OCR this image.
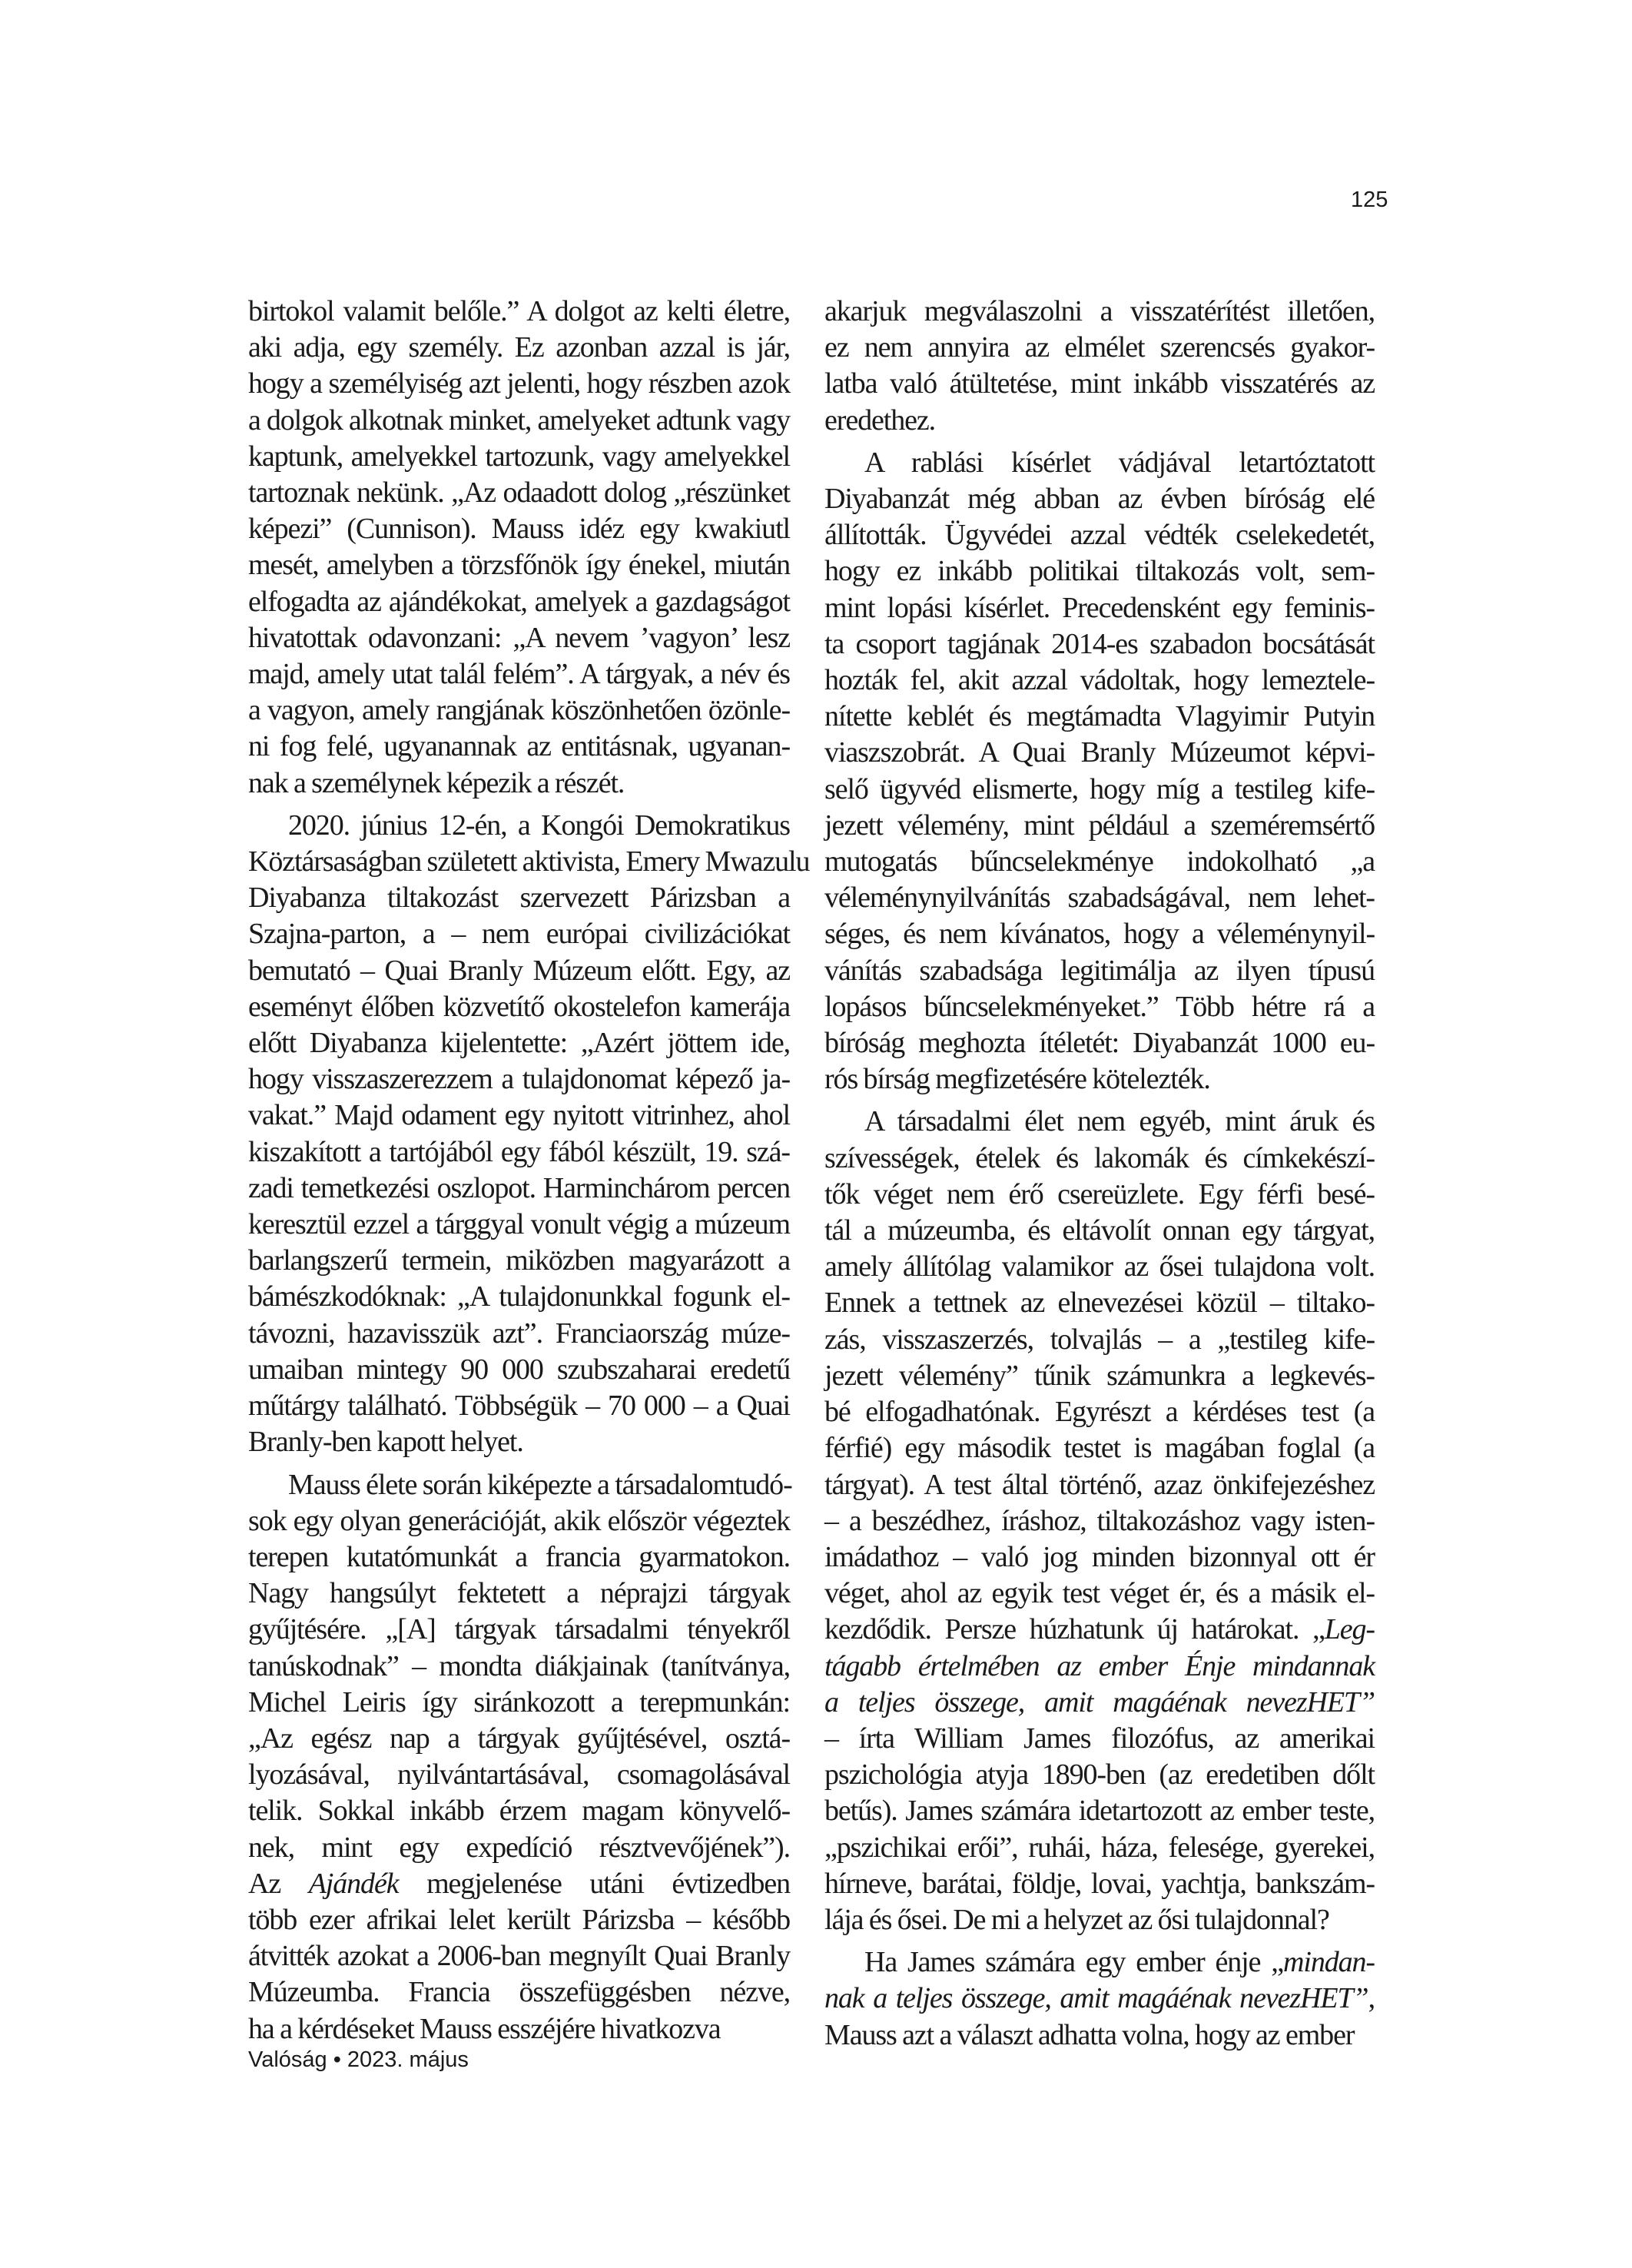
125

birtokol valamit belőle.” A dolgot az kelti életre,
aki adja, egy személy. Ez azonban azzal is jár,
hogy a személyiség azt jelenti, hogy részben azok
a dolgok alkotnak minket, amelyeket adtunk vagy
kaptunk, amelyekkel tartozunk, vagy amelyekkel
tartoznak nekünk. „Az odaadott dolog „részünket
képezi” (Cunnison). Mauss idéz egy kwakiutl
mesét, amelyben a törzsfőnök így énekel, miután
elfogadta az ajándékokat, amelyek a gazdagságot
hivatottak odavonzani: „A nevem ’vagyon’ lesz
majd, amely utat talál felém”. A tárgyak, a név és
a vagyon, amely rangjának köszönhetően özönle-
ni fog felé, ugyanannak az entitásnak, ugyanan-
nak a személynek képezik a részét.

2020. június 12-én, a Kongói Demokratikus
Köztársaságban született aktivista, Emery Mwazulu
Diyabanza tiltakozást szervezett Párizsban a
Szajna-parton, a – nem európai civilizációkat
bemutató – Quai Branly Múzeum előtt. Egy, az
eseményt élőben közvetítő okostelefon kamerája
előtt Diyabanza kijelentette: „Azért jöttem ide,
hogy visszaszerezzem a tulajdonomat képező ja-
vakat.” Majd odament egy nyitott vitrinhez, ahol
kiszakított a tartójából egy fából készült, 19. szá-
zadi temetkezési oszlopot. Harminchárom percen
keresztül ezzel a tárggyal vonult végig a múzeum
barlangszerű termein, miközben magyarázott a
bámészkodóknak: „A tulajdonunkkal fogunk el-
távozni, hazavisszük azt”. Franciaország múze-
umaiban mintegy 90 000 szubszaharai eredetű
műtárgy található. Többségük – 70 000 – a Quai
Branly-ben kapott helyet.

Mauss élete során kiképezte a társadalomtudó-
sok egy olyan generációját, akik először végeztek
terepen kutatómunkát a francia gyarmatokon.
Nagy hangsúlyt fektetett a néprajzi tárgyak
gyűjtésére. „[A] tárgyak társadalmi tényekről
tanúskodnak” – mondta diákjainak (tanítványa,
Michel Leiris így siránkozott a terepmunkán:
„Az egész nap a tárgyak gyűjtésével, osztá-
lyozásával, nyilvántartásával, csomagolásával
telik. Sokkal inkább érzem magam könyvelő-
nek, mint egy expedíció résztvevőjének”).
Az Ajándék megjelenése utáni évtizedben
több ezer afrikai lelet került Párizsba – később
átvitték azokat a 2006-ban megnyílt Quai Branly
Múzeumba. Francia összefüggésben nézve,
ha a kérdéseket Mauss esszéjére hivatkozva

akarjuk megválaszolni a visszatérítést illetően,
ez nem annyira az elmélet szerencsés gyakor-
latba való átültetése, mint inkább visszatérés az
eredethez.

A rablási kísérlet vádjával letartóztatott
Diyabanzát még abban az évben bíróság elé
állították. Ügyvédei azzal védték cselekedetét,
hogy ez inkább politikai tiltakozás volt, sem-
mint lopási kísérlet. Precedensként egy feminis-
ta csoport tagjának 2014-es szabadon bocsátását
hozták fel, akit azzal vádoltak, hogy lemeztele-
nítette keblét és megtámadta Vlagyimir Putyin
viaszszobrát. A Quai Branly Múzeumot képvi-
selő ügyvéd elismerte, hogy míg a testileg kife-
jezett vélemény, mint például a szeméremsértő
mutogatás bűncselekménye indokolható „a
véleménynyilvánítás szabadságával, nem lehet-
séges, és nem kívánatos, hogy a véleménynyil-
vánítás szabadsága legitimálja az ilyen típusú
lopásos bűncselekményeket.” Több hétre rá a
bíróság meghozta ítéletét: Diyabanzát 1000 eu-
rós bírság megfizetésére kötelezték.

A társadalmi élet nem egyéb, mint áruk és
szívességek, ételek és lakomák és címkekészí-
tők véget nem érő csereüzlete. Egy férfi besé-
tál a múzeumba, és eltávolít onnan egy tárgyat,
amely állítólag valamikor az ősei tulajdona volt.
Ennek a tettnek az elnevezései közül – tiltako-
zás, visszaszerzés, tolvajlás – a „testileg kife-
jezett vélemény” tűnik számunkra a legkevés-
bé elfogadhatónak. Egyrészt a kérdéses test (a
férfié) egy második testet is magában foglal (a
tárgyat). A test által történő, azaz önkifejezéshez
– a beszédhez, íráshoz, tiltakozáshoz vagy isten-
imádathoz – való jog minden bizonnyal ott ér
véget, ahol az egyik test véget ér, és a másik el-
kezdődik. Persze húzhatunk új határokat. „Leg-
tágabb értelmében az ember Énje mindannak
a teljes összege, amit magáénak nevezHET”
– írta William James filozófus, az amerikai
pszichológia atyja 1890-ben (az eredetiben dőlt
betűs). James számára idetartozott az ember teste,
„pszichikai erői”, ruhái, háza, felesége, gyerekei,
hírneve, barátai, földje, lovai, yachtja, bankszám-
lája és ősei. De mi a helyzet az ősi tulajdonnal?

Ha James számára egy ember énje „mindan-
nak a teljes összege, amit magáénak nevezHET”,
Mauss azt a választ adhatta volna, hogy az ember

Valóság • 2023. május
